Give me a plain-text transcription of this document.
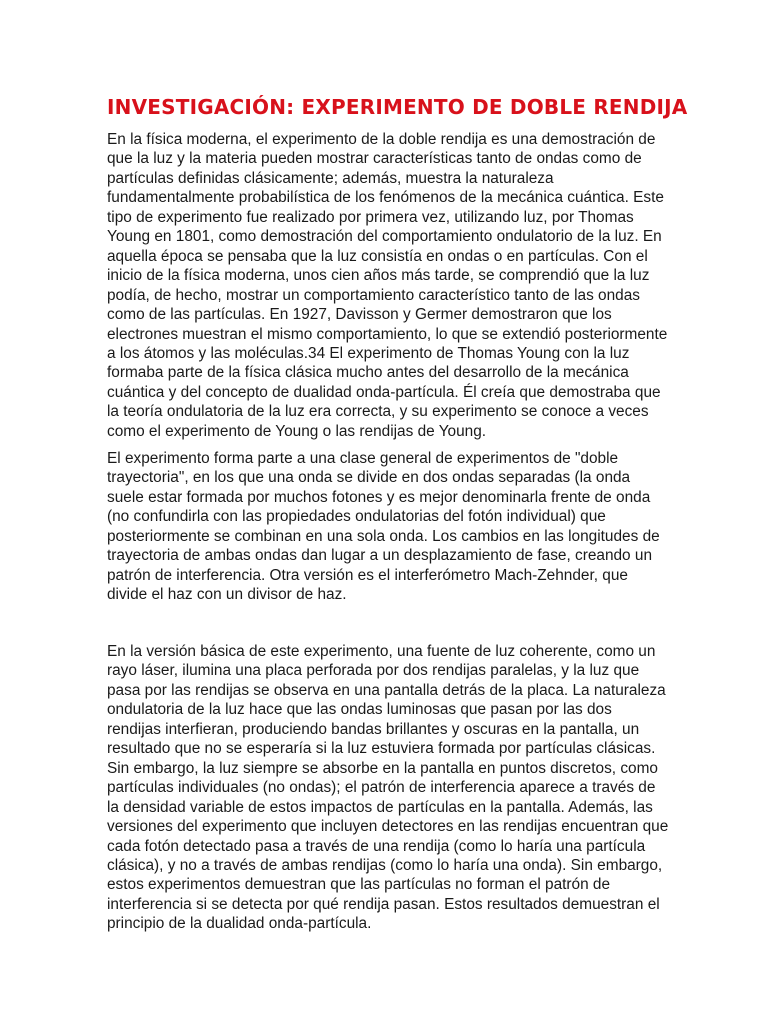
INVESTIGACIÓN: EXPERIMENTO DE DOBLE RENDIJA

En la física moderna, el experimento de la doble rendija es una demostración de que la luz y la materia pueden mostrar características tanto de ondas como de partículas definidas clásicamente; además, muestra la naturaleza fundamentalmente probabilística de los fenómenos de la mecánica cuántica. Este tipo de experimento fue realizado por primera vez, utilizando luz, por Thomas Young en 1801, como demostración del comportamiento ondulatorio de la luz. En aquella época se pensaba que la luz consistía en ondas o en partículas. Con el inicio de la física moderna, unos cien años más tarde, se comprendió que la luz podía, de hecho, mostrar un comportamiento característico tanto de las ondas como de las partículas. En 1927, Davisson y Germer demostraron que los electrones muestran el mismo comportamiento, lo que se extendió posteriormente a los átomos y las moléculas.34 El experimento de Thomas Young con la luz formaba parte de la física clásica mucho antes del desarrollo de la mecánica cuántica y del concepto de dualidad onda-partícula. Él creía que demostraba que la teoría ondulatoria de la luz era correcta, y su experimento se conoce a veces como el experimento de Young o las rendijas de Young.

El experimento forma parte a una clase general de experimentos de "doble trayectoria", en los que una onda se divide en dos ondas separadas (la onda suele estar formada por muchos fotones y es mejor denominarla frente de onda (no confundirla con las propiedades ondulatorias del fotón individual) que posteriormente se combinan en una sola onda. Los cambios en las longitudes de trayectoria de ambas ondas dan lugar a un desplazamiento de fase, creando un patrón de interferencia. Otra versión es el interferómetro Mach-Zehnder, que divide el haz con un divisor de haz.

En la versión básica de este experimento, una fuente de luz coherente, como un rayo láser, ilumina una placa perforada por dos rendijas paralelas, y la luz que pasa por las rendijas se observa en una pantalla detrás de la placa. La naturaleza ondulatoria de la luz hace que las ondas luminosas que pasan por las dos rendijas interfieran, produciendo bandas brillantes y oscuras en la pantalla, un resultado que no se esperaría si la luz estuviera formada por partículas clásicas. Sin embargo, la luz siempre se absorbe en la pantalla en puntos discretos, como partículas individuales (no ondas); el patrón de interferencia aparece a través de la densidad variable de estos impactos de partículas en la pantalla. Además, las versiones del experimento que incluyen detectores en las rendijas encuentran que cada fotón detectado pasa a través de una rendija (como lo haría una partícula clásica), y no a través de ambas rendijas (como lo haría una onda). Sin embargo, estos experimentos demuestran que las partículas no forman el patrón de interferencia si se detecta por qué rendija pasan. Estos resultados demuestran el principio de la dualidad onda-partícula.
